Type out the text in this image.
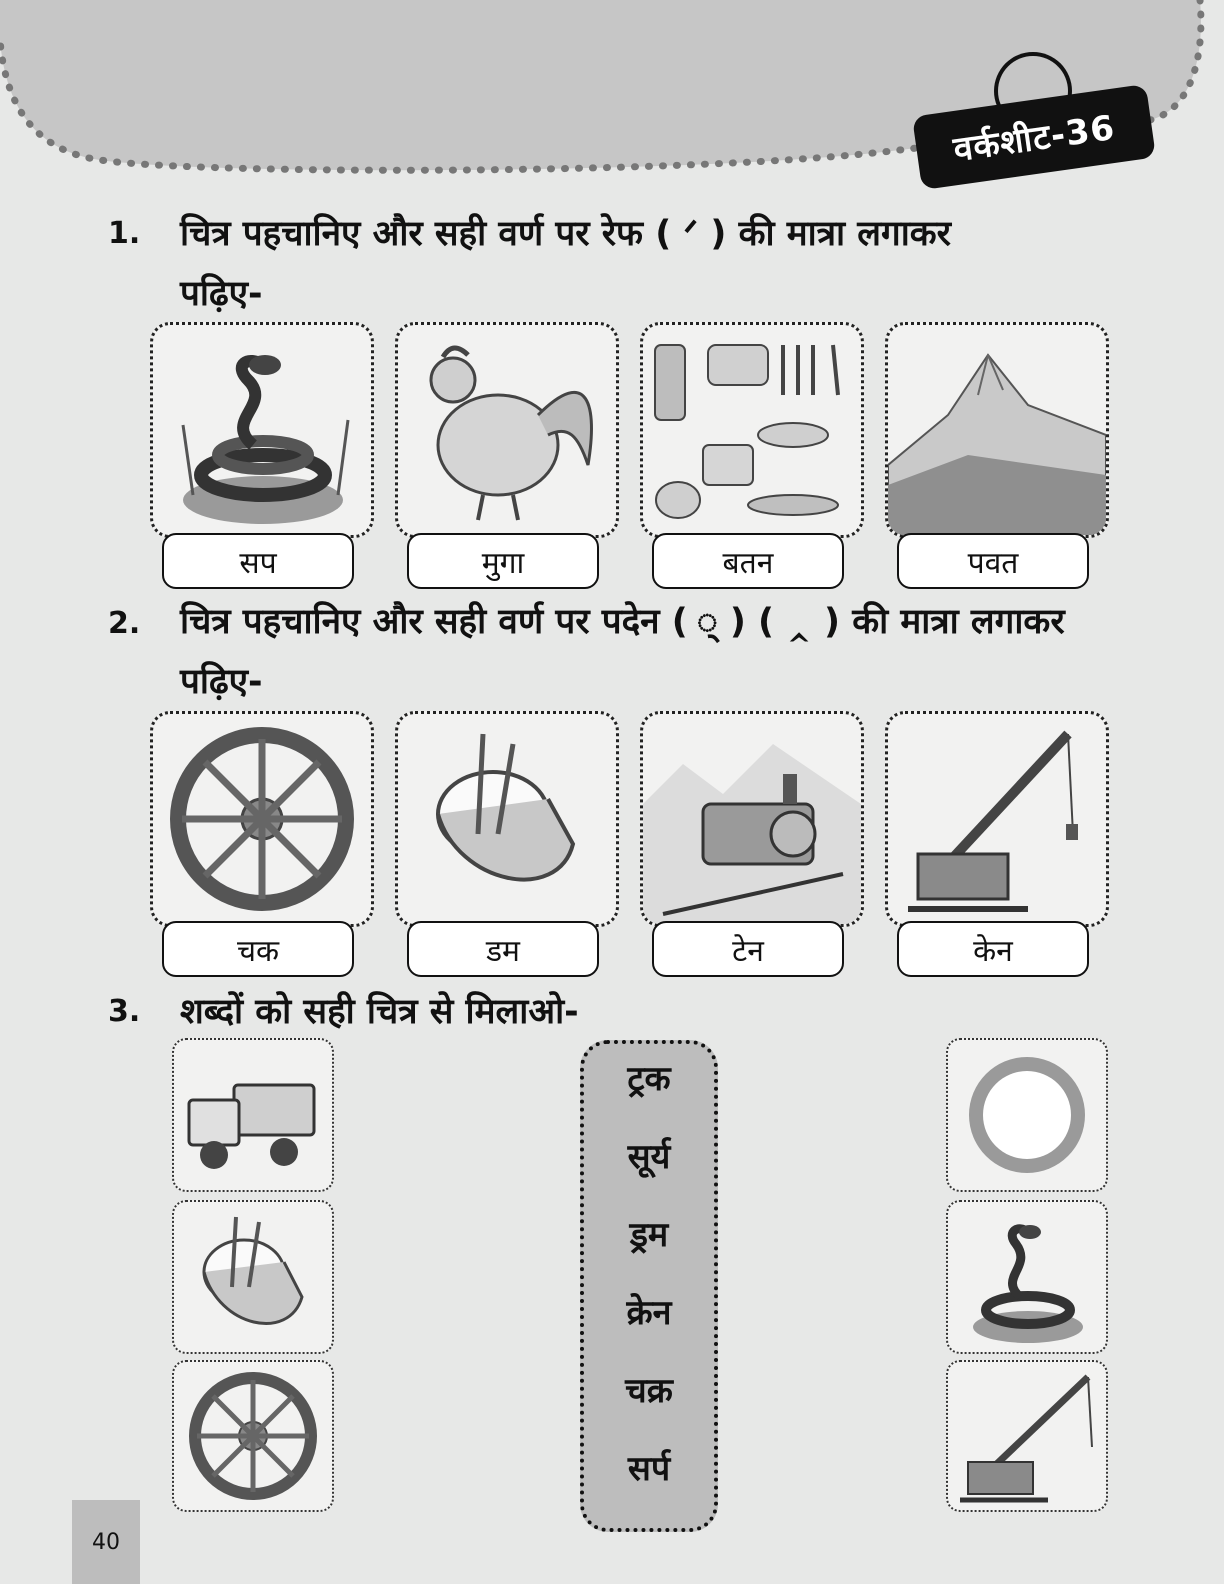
वर्कशीट-36
1. चित्र पहचानिए और सही वर्ण पर रेफ ( ᐟ ) की मात्रा लगाकर
पढ़िए-
सप	मुगा	बतन	पवत
2. चित्र पहचानिए और सही वर्ण पर पदेन ( ् ) ( ‸ ) की मात्रा लगाकर
पढ़िए-
चक	डम	टेन	केन
3. शब्दों को सही चित्र से मिलाओ-
ट्रक
सूर्य
ड्रम
क्रेन
चक्र
सर्प
40
